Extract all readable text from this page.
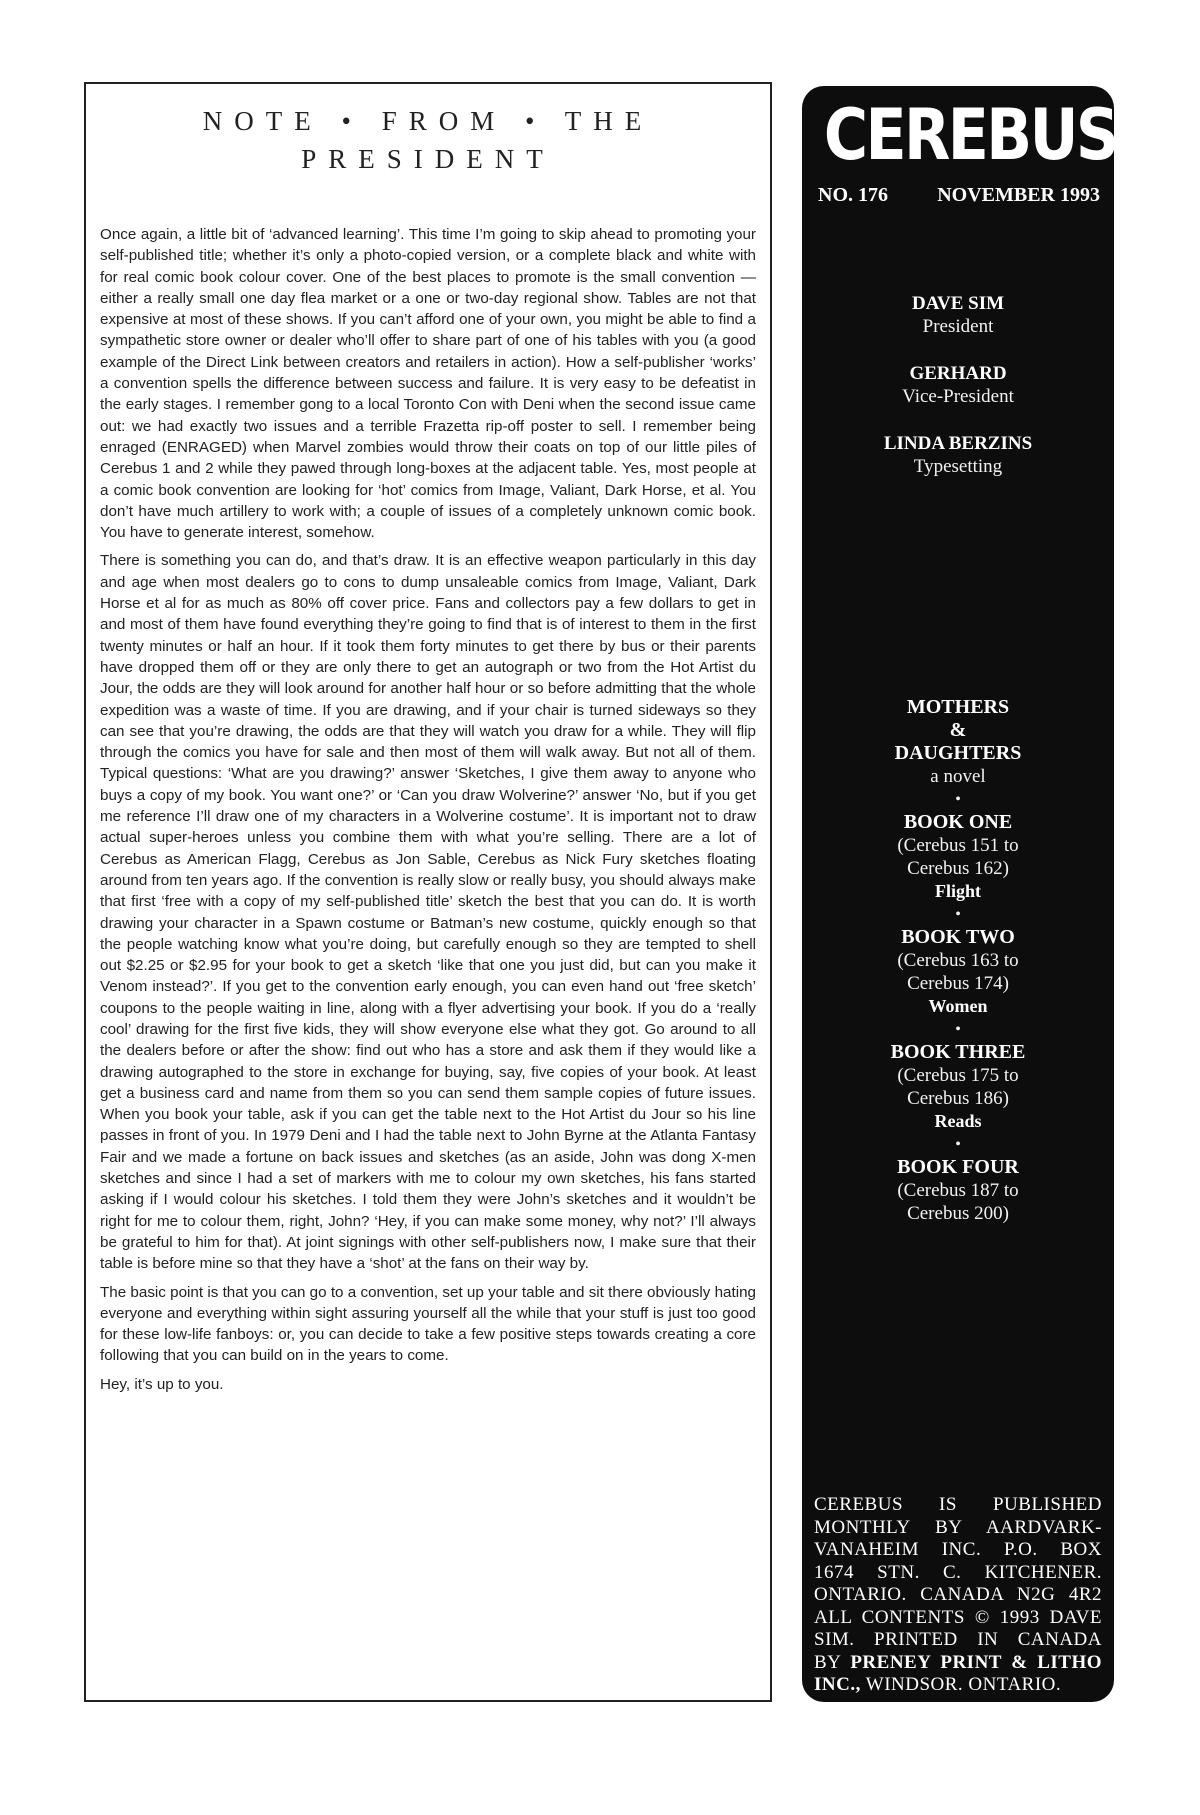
NOTE • FROM • THE
PRESIDENT

Once again, a little bit of ‘advanced learning’. This time I’m going to skip ahead to promoting your self-published title; whether it’s only a photo-copied version, or a complete black and white with for real comic book colour cover. One of the best places to promote is the small convention — either a really small one day flea market or a one or two-day regional show. Tables are not that expensive at most of these shows. If you can’t afford one of your own, you might be able to find a sympathetic store owner or dealer who’ll offer to share part of one of his tables with you (a good example of the Direct Link between creators and retailers in action). How a self-publisher ‘works’ a convention spells the difference between success and failure. It is very easy to be defeatist in the early stages. I remember gong to a local Toronto Con with Deni when the second issue came out: we had exactly two issues and a terrible Frazetta rip-off poster to sell. I remember being enraged (ENRAGED) when Marvel zombies would throw their coats on top of our little piles of Cerebus 1 and 2 while they pawed through long-boxes at the adjacent table. Yes, most people at a comic book convention are looking for ‘hot’ comics from Image, Valiant, Dark Horse, et al. You don’t have much artillery to work with; a couple of issues of a completely unknown comic book. You have to generate interest, somehow.

There is something you can do, and that’s draw. It is an effective weapon particularly in this day and age when most dealers go to cons to dump unsaleable comics from Image, Valiant, Dark Horse et al for as much as 80% off cover price. Fans and collectors pay a few dollars to get in and most of them have found everything they’re going to find that is of interest to them in the first twenty minutes or half an hour. If it took them forty minutes to get there by bus or their parents have dropped them off or they are only there to get an autograph or two from the Hot Artist du Jour, the odds are they will look around for another half hour or so before admitting that the whole expedition was a waste of time. If you are drawing, and if your chair is turned sideways so they can see that you’re drawing, the odds are that they will watch you draw for a while. They will flip through the comics you have for sale and then most of them will walk away. But not all of them. Typical questions: ‘What are you drawing?’ answer ‘Sketches, I give them away to anyone who buys a copy of my book. You want one?’ or ‘Can you draw Wolverine?’ answer ‘No, but if you get me reference I’ll draw one of my characters in a Wolverine costume’. It is important not to draw actual super-heroes unless you combine them with what you’re selling. There are a lot of Cerebus as American Flagg, Cerebus as Jon Sable, Cerebus as Nick Fury sketches floating around from ten years ago. If the convention is really slow or really busy, you should always make that first ‘free with a copy of my self-published title’ sketch the best that you can do. It is worth drawing your character in a Spawn costume or Batman’s new costume, quickly enough so that the people watching know what you’re doing, but carefully enough so they are tempted to shell out $2.25 or $2.95 for your book to get a sketch ‘like that one you just did, but can you make it Venom instead?’. If you get to the convention early enough, you can even hand out ‘free sketch’ coupons to the people waiting in line, along with a flyer advertising your book. If you do a ‘really cool’ drawing for the first five kids, they will show everyone else what they got. Go around to all the dealers before or after the show: find out who has a store and ask them if they would like a drawing autographed to the store in exchange for buying, say, five copies of your book. At least get a business card and name from them so you can send them sample copies of future issues. When you book your table, ask if you can get the table next to the Hot Artist du Jour so his line passes in front of you. In 1979 Deni and I had the table next to John Byrne at the Atlanta Fantasy Fair and we made a fortune on back issues and sketches (as an aside, John was dong X-men sketches and since I had a set of markers with me to colour my own sketches, his fans started asking if I would colour his sketches. I told them they were John’s sketches and it wouldn’t be right for me to colour them, right, John? ‘Hey, if you can make some money, why not?’ I’ll always be grateful to him for that). At joint signings with other self-publishers now, I make sure that their table is before mine so that they have a ‘shot’ at the fans on their way by.

The basic point is that you can go to a convention, set up your table and sit there obviously hating everyone and everything within sight assuring yourself all the while that your stuff is just too good for these low-life fanboys: or, you can decide to take a few positive steps towards creating a core following that you can build on in the years to come.

Hey, it’s up to you.

CEREBUS
NO. 176 NOVEMBER 1993
DAVE SIM
President
GERHARD
Vice-President
LINDA BERZINS
Typesetting
MOTHERS
&
DAUGHTERS
a novel
•
BOOK ONE
(Cerebus 151 to
Cerebus 162)
Flight
•
BOOK TWO
(Cerebus 163 to
Cerebus 174)
Women
•
BOOK THREE
(Cerebus 175 to
Cerebus 186)
Reads
•
BOOK FOUR
(Cerebus 187 to
Cerebus 200)
CEREBUS IS PUBLISHED
MONTHLY BY AARDVARK-
VANAHEIM INC. P.O. BOX
1674 STN. C. KITCHENER.
ONTARIO. CANADA N2G 4R2
ALL CONTENTS © 1993 DAVE
SIM. PRINTED IN CANADA
BY PRENEY PRINT & LITHO
INC., WINDSOR. ONTARIO.
